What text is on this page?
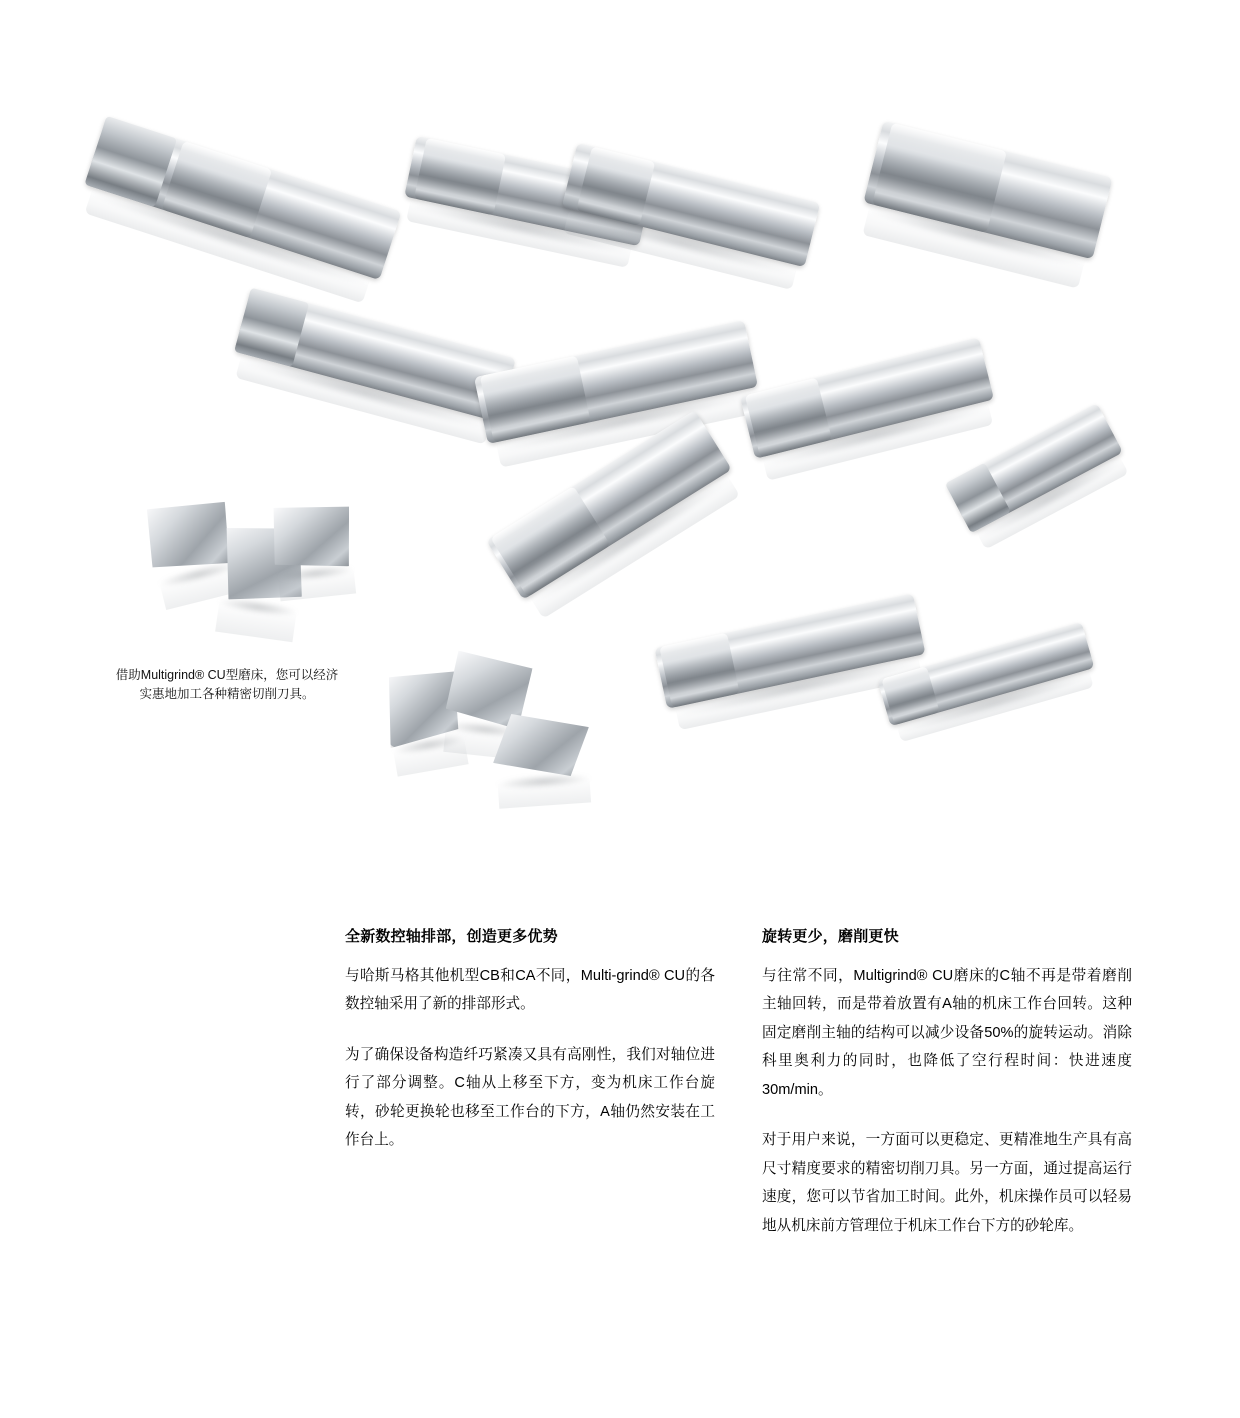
借助Multigrind® CU型磨床，您可以经济实惠地加工各种精密切削刀具。
全新数控轴排部，创造更多优势

与哈斯马格其他机型CB和CA不同，Multi-grind® CU的各数控轴采用了新的排部形式。

为了确保设备构造纤巧紧凑又具有高刚性，我们对轴位进行了部分调整。C轴从上移至下方，变为机床工作台旋转，砂轮更换轮也移至工作台的下方，A轴仍然安装在工作台上。

旋转更少，磨削更快

与往常不同，Multigrind® CU磨床的C轴不再是带着磨削主轴回转，而是带着放置有A轴的机床工作台回转。这种固定磨削主轴的结构可以减少设备50%的旋转运动。消除科里奥利力的同时，也降低了空行程时间：快进速度30m/min。

对于用户来说，一方面可以更稳定、更精准地生产具有高尺寸精度要求的精密切削刀具。另一方面，通过提高运行速度，您可以节省加工时间。此外，机床操作员可以轻易地从机床前方管理位于机床工作台下方的砂轮库。
